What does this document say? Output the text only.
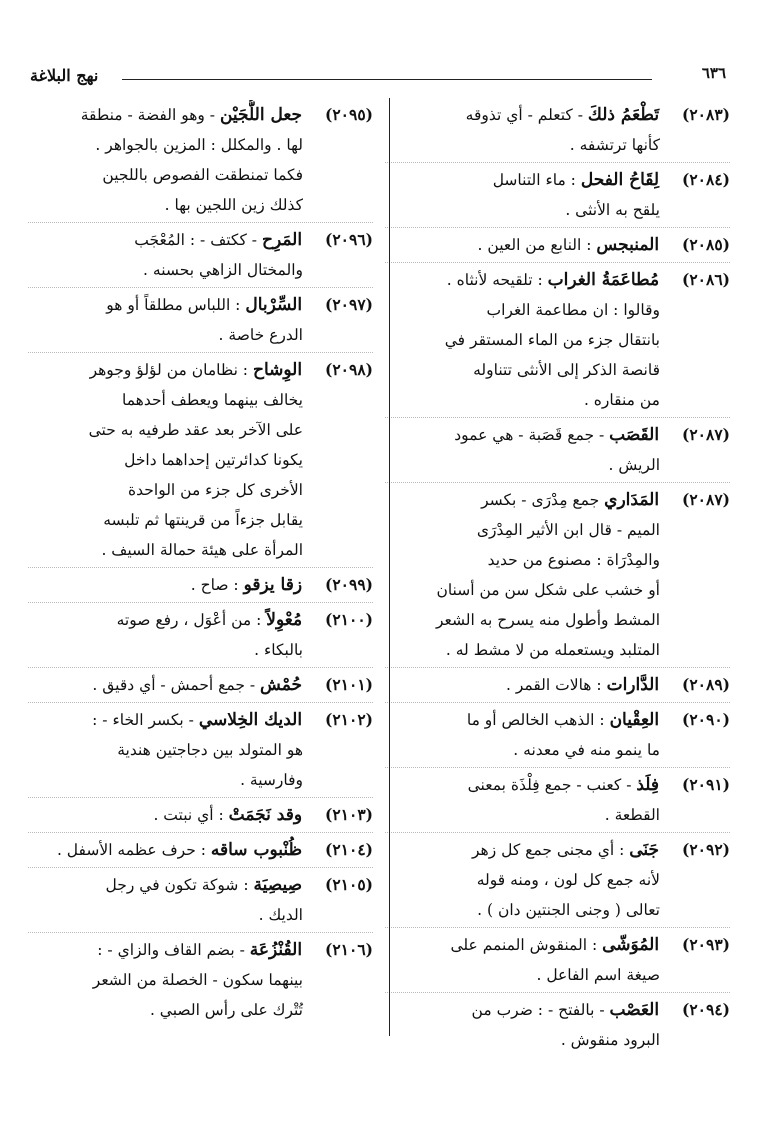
نهج البلاغة	٦٣٦
(٢٠٨٣) تَطْعَمُ ذلكَ - كتعلم - أي تذوقه
كأنها ترتشفه .
(٢٠٨٤) لِقَاحُ الفحل : ماء التناسل
يلقح به الأنثى .
(٢٠٨٥) المنبجس : النابع من العين .
(٢٠٨٦) مُطاعَمَةُ الغراب : تلقيحه لأنثاه .
وقالوا : ان مطاعمة الغراب
بانتقال جزء من الماء المستقر في
قانصة الذكر إلى الأنثى تتناوله
من منقاره .
(٢٠٨٧) القَصَب - جمع قَصَبة - هي عمود
الريش .
(٢٠٨٧) المَدَاري جمع مِدْرَى - بكسر
الميم - قال ابن الأثير المِدْرَى
والمِدْرَاة : مصنوع من حديد
أو خشب على شكل سن من أسنان
المشط وأطول منه يسرح به الشعر
المتلبد ويستعمله من لا مشط له .
(٢٠٨٩) الدَّارات : هالات القمر .
(٢٠٩٠) العِقْيان : الذهب الخالص أو ما
ما ينمو منه في معدنه .
(٢٠٩١) فِلَذ - كعنب - جمع فِلْذَة بمعنى
القطعة .
(٢٠٩٢) جَنَى : أي مجنى جمع كل زهر
لأنه جمع كل لون ، ومنه قوله
تعالى ( وجنى الجنتين دان ) .
(٢٠٩٣) المُوَشّى : المنقوش المنمم على
صيغة اسم الفاعل .
(٢٠٩٤) العَصْب - بالفتح - : ضرب من
البرود منقوش .
(٢٠٩٥) جعل اللُّجَيْن - وهو الفضة - منطقة
لها . والمكلل : المزين بالجواهر .
فكما تمنطقت الفصوص باللجين
كذلك زين اللجين بها .
(٢٠٩٦) المَرِح - ككتف - : المُعْجَب
والمختال الزاهي بحسنه .
(٢٠٩٧) السِّرْبال : اللباس مطلقاً أو هو
الدرع خاصة .
(٢٠٩٨) الوِشاح : نظامان من لؤلؤ وجوهر
يخالف بينهما ويعطف أحدهما
على الآخر بعد عقد طرفيه به حتى
يكونا كدائرتين إحداهما داخل
الأخرى كل جزء من الواحدة
يقابل جزءاً من قرينتها ثم تلبسه
المرأة على هيئة حمالة السيف .
(٢٠٩٩) زقا يزقو : صاح .
(٢١٠٠) مُعْوِلاً : من أعْوَل ، رفع صوته
بالبكاء .
(٢١٠١) حُمْش - جمع أحمش - أي دقيق .
(٢١٠٢) الديك الخِلاسي - بكسر الخاء - :
هو المتولد بين دجاجتين هندية
وفارسية .
(٢١٠٣) وقد نَجَمَتْ : أي نبتت .
(٢١٠٤) ظُنْبوب ساقه : حرف عظمه الأسفل .
(٢١٠٥) صِيصِيَة : شوكة تكون في رجل
الديك .
(٢١٠٦) القُنْزُعَة - بضم القاف والزاي - :
بينهما سكون - الخصلة من الشعر
تُتْرك على رأس الصبي .
